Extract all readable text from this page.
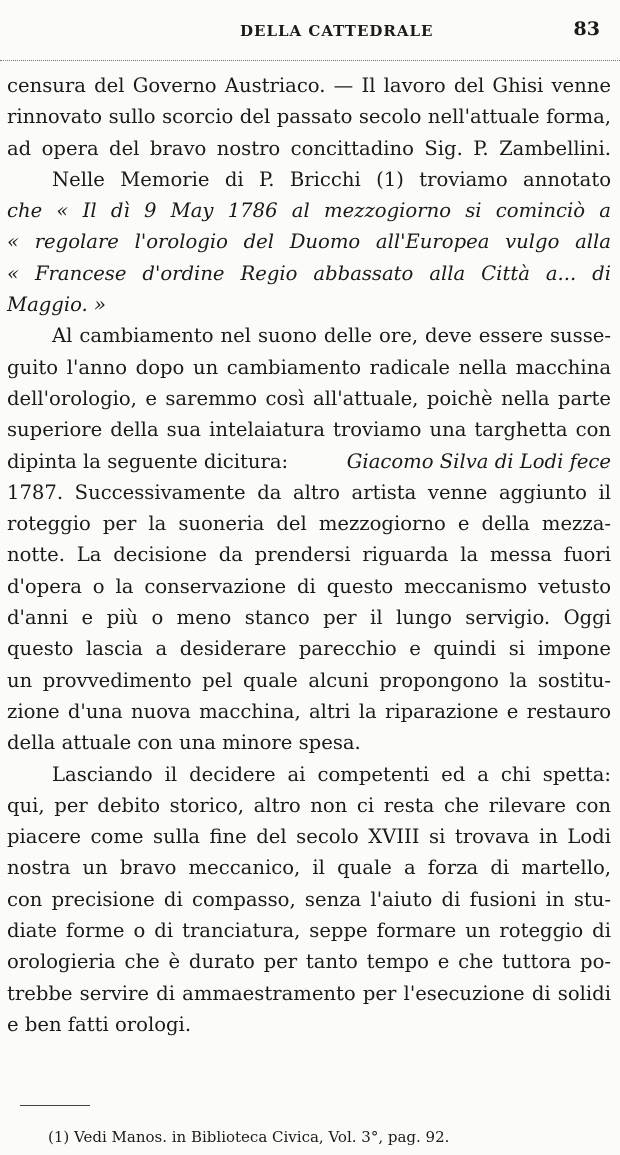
DELLA CATTEDRALE	83
censura del Governo Austriaco. — Il lavoro del Ghisi venne
rinnovato sullo scorcio del passato secolo nell'attuale forma,
ad opera del bravo nostro concittadino Sig. P. Zambellini.
Nelle Memorie di P. Bricchi (1) troviamo annotato
che « Il dì 9 May 1786 al mezzogiorno si cominciò a
« regolare l'orologio del Duomo all'Europea vulgo alla
« Francese d'ordine Regio abbassato alla Città a... di
Maggio. »
Al cambiamento nel suono delle ore, deve essere susse-
guito l'anno dopo un cambiamento radicale nella macchina
dell'orologio, e saremmo così all'attuale, poichè nella parte
superiore della sua intelaiatura troviamo una targhetta con
dipinta la seguente dicitura:	Giacomo Silva di Lodi fece
1787. Successivamente da altro artista venne aggiunto il
roteggio per la suoneria del mezzogiorno e della mezza-
notte. La decisione da prendersi riguarda la messa fuori
d'opera o la conservazione di questo meccanismo vetusto
d'anni e più o meno stanco per il lungo servigio. Oggi
questo lascia a desiderare parecchio e quindi si impone
un provvedimento pel quale alcuni propongono la sostitu-
zione d'una nuova macchina, altri la riparazione e restauro
della attuale con una minore spesa.
Lasciando il decidere ai competenti ed a chi spetta:
qui, per debito storico, altro non ci resta che rilevare con
piacere come sulla fine del secolo XVIII si trovava in Lodi
nostra un bravo meccanico, il quale a forza di martello,
con precisione di compasso, senza l'aiuto di fusioni in stu-
diate forme o di tranciatura, seppe formare un roteggio di
orologieria che è durato per tanto tempo e che tuttora po-
trebbe servire di ammaestramento per l'esecuzione di solidi
e ben fatti orologi.
(1) Vedi Manos. in Biblioteca Civica, Vol. 3°, pag. 92.
